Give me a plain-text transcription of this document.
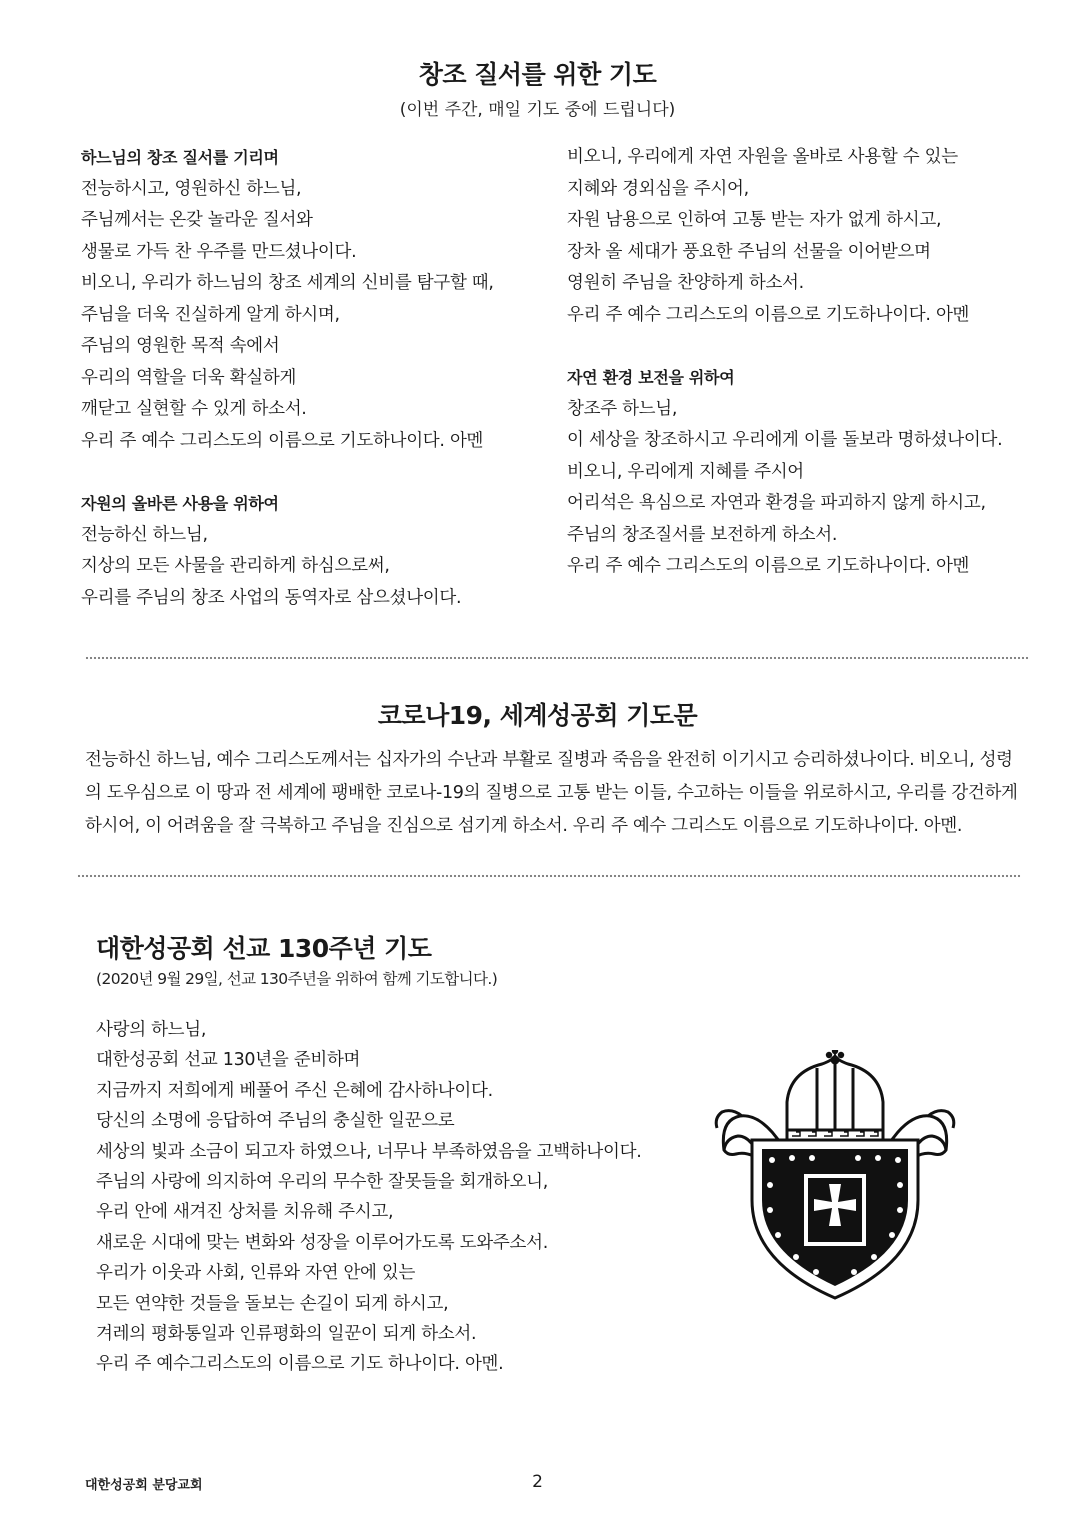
창조 질서를 위한 기도
(이번 주간, 매일 기도 중에 드립니다)
하느님의 창조 질서를 기리며
전능하시고, 영원하신 하느님,
주님께서는 온갖 놀라운 질서와
생물로 가득 찬 우주를 만드셨나이다.
비오니, 우리가 하느님의 창조 세계의 신비를 탐구할 때,
주님을 더욱 진실하게 알게 하시며,
주님의 영원한 목적 속에서
우리의 역할을 더욱 확실하게
깨닫고 실현할 수 있게 하소서.
우리 주 예수 그리스도의 이름으로 기도하나이다. 아멘
자원의 올바른 사용을 위하여
전능하신 하느님,
지상의 모든 사물을 관리하게 하심으로써,
우리를 주님의 창조 사업의 동역자로 삼으셨나이다.
비오니, 우리에게 자연 자원을 올바로 사용할 수 있는
지혜와 경외심을 주시어,
자원 남용으로 인하여 고통 받는 자가 없게 하시고,
장차 올 세대가 풍요한 주님의 선물을 이어받으며
영원히 주님을 찬양하게 하소서.
우리 주 예수 그리스도의 이름으로 기도하나이다. 아멘
자연 환경 보전을 위하여
창조주 하느님,
이 세상을 창조하시고 우리에게 이를 돌보라 명하셨나이다.
비오니, 우리에게 지혜를 주시어
어리석은 욕심으로 자연과 환경을 파괴하지 않게 하시고,
주님의 창조질서를 보전하게 하소서.
우리 주 예수 그리스도의 이름으로 기도하나이다. 아멘
코로나19, 세계성공회 기도문
전능하신 하느님, 예수 그리스도께서는 십자가의 수난과 부활로 질병과 죽음을 완전히 이기시고 승리하셨나이다. 비오니, 성령
의 도우심으로 이 땅과 전 세계에 팽배한 코로나-19의 질병으로 고통 받는 이들, 수고하는 이들을 위로하시고, 우리를 강건하게
하시어, 이 어려움을 잘 극복하고 주님을 진심으로 섬기게 하소서. 우리 주 예수 그리스도 이름으로 기도하나이다. 아멘.
대한성공회 선교 130주년 기도
(2020년 9월 29일, 선교 130주년을 위하여 함께 기도합니다.)
사랑의 하느님,
대한성공회 선교 130년을 준비하며
지금까지 저희에게 베풀어 주신 은혜에 감사하나이다.
당신의 소명에 응답하여 주님의 충실한 일꾼으로
세상의 빛과 소금이 되고자 하였으나, 너무나 부족하였음을 고백하나이다.
주님의 사랑에 의지하여 우리의 무수한 잘못들을 회개하오니,
우리 안에 새겨진 상처를 치유해 주시고,
새로운 시대에 맞는 변화와 성장을 이루어가도록 도와주소서.
우리가 이웃과 사회, 인류와 자연 안에 있는
모든 연약한 것들을 돌보는 손길이 되게 하시고,
겨레의 평화통일과 인류평화의 일꾼이 되게 하소서.
우리 주 예수그리스도의 이름으로 기도 하나이다. 아멘.
대한성공회 분당교회	2
